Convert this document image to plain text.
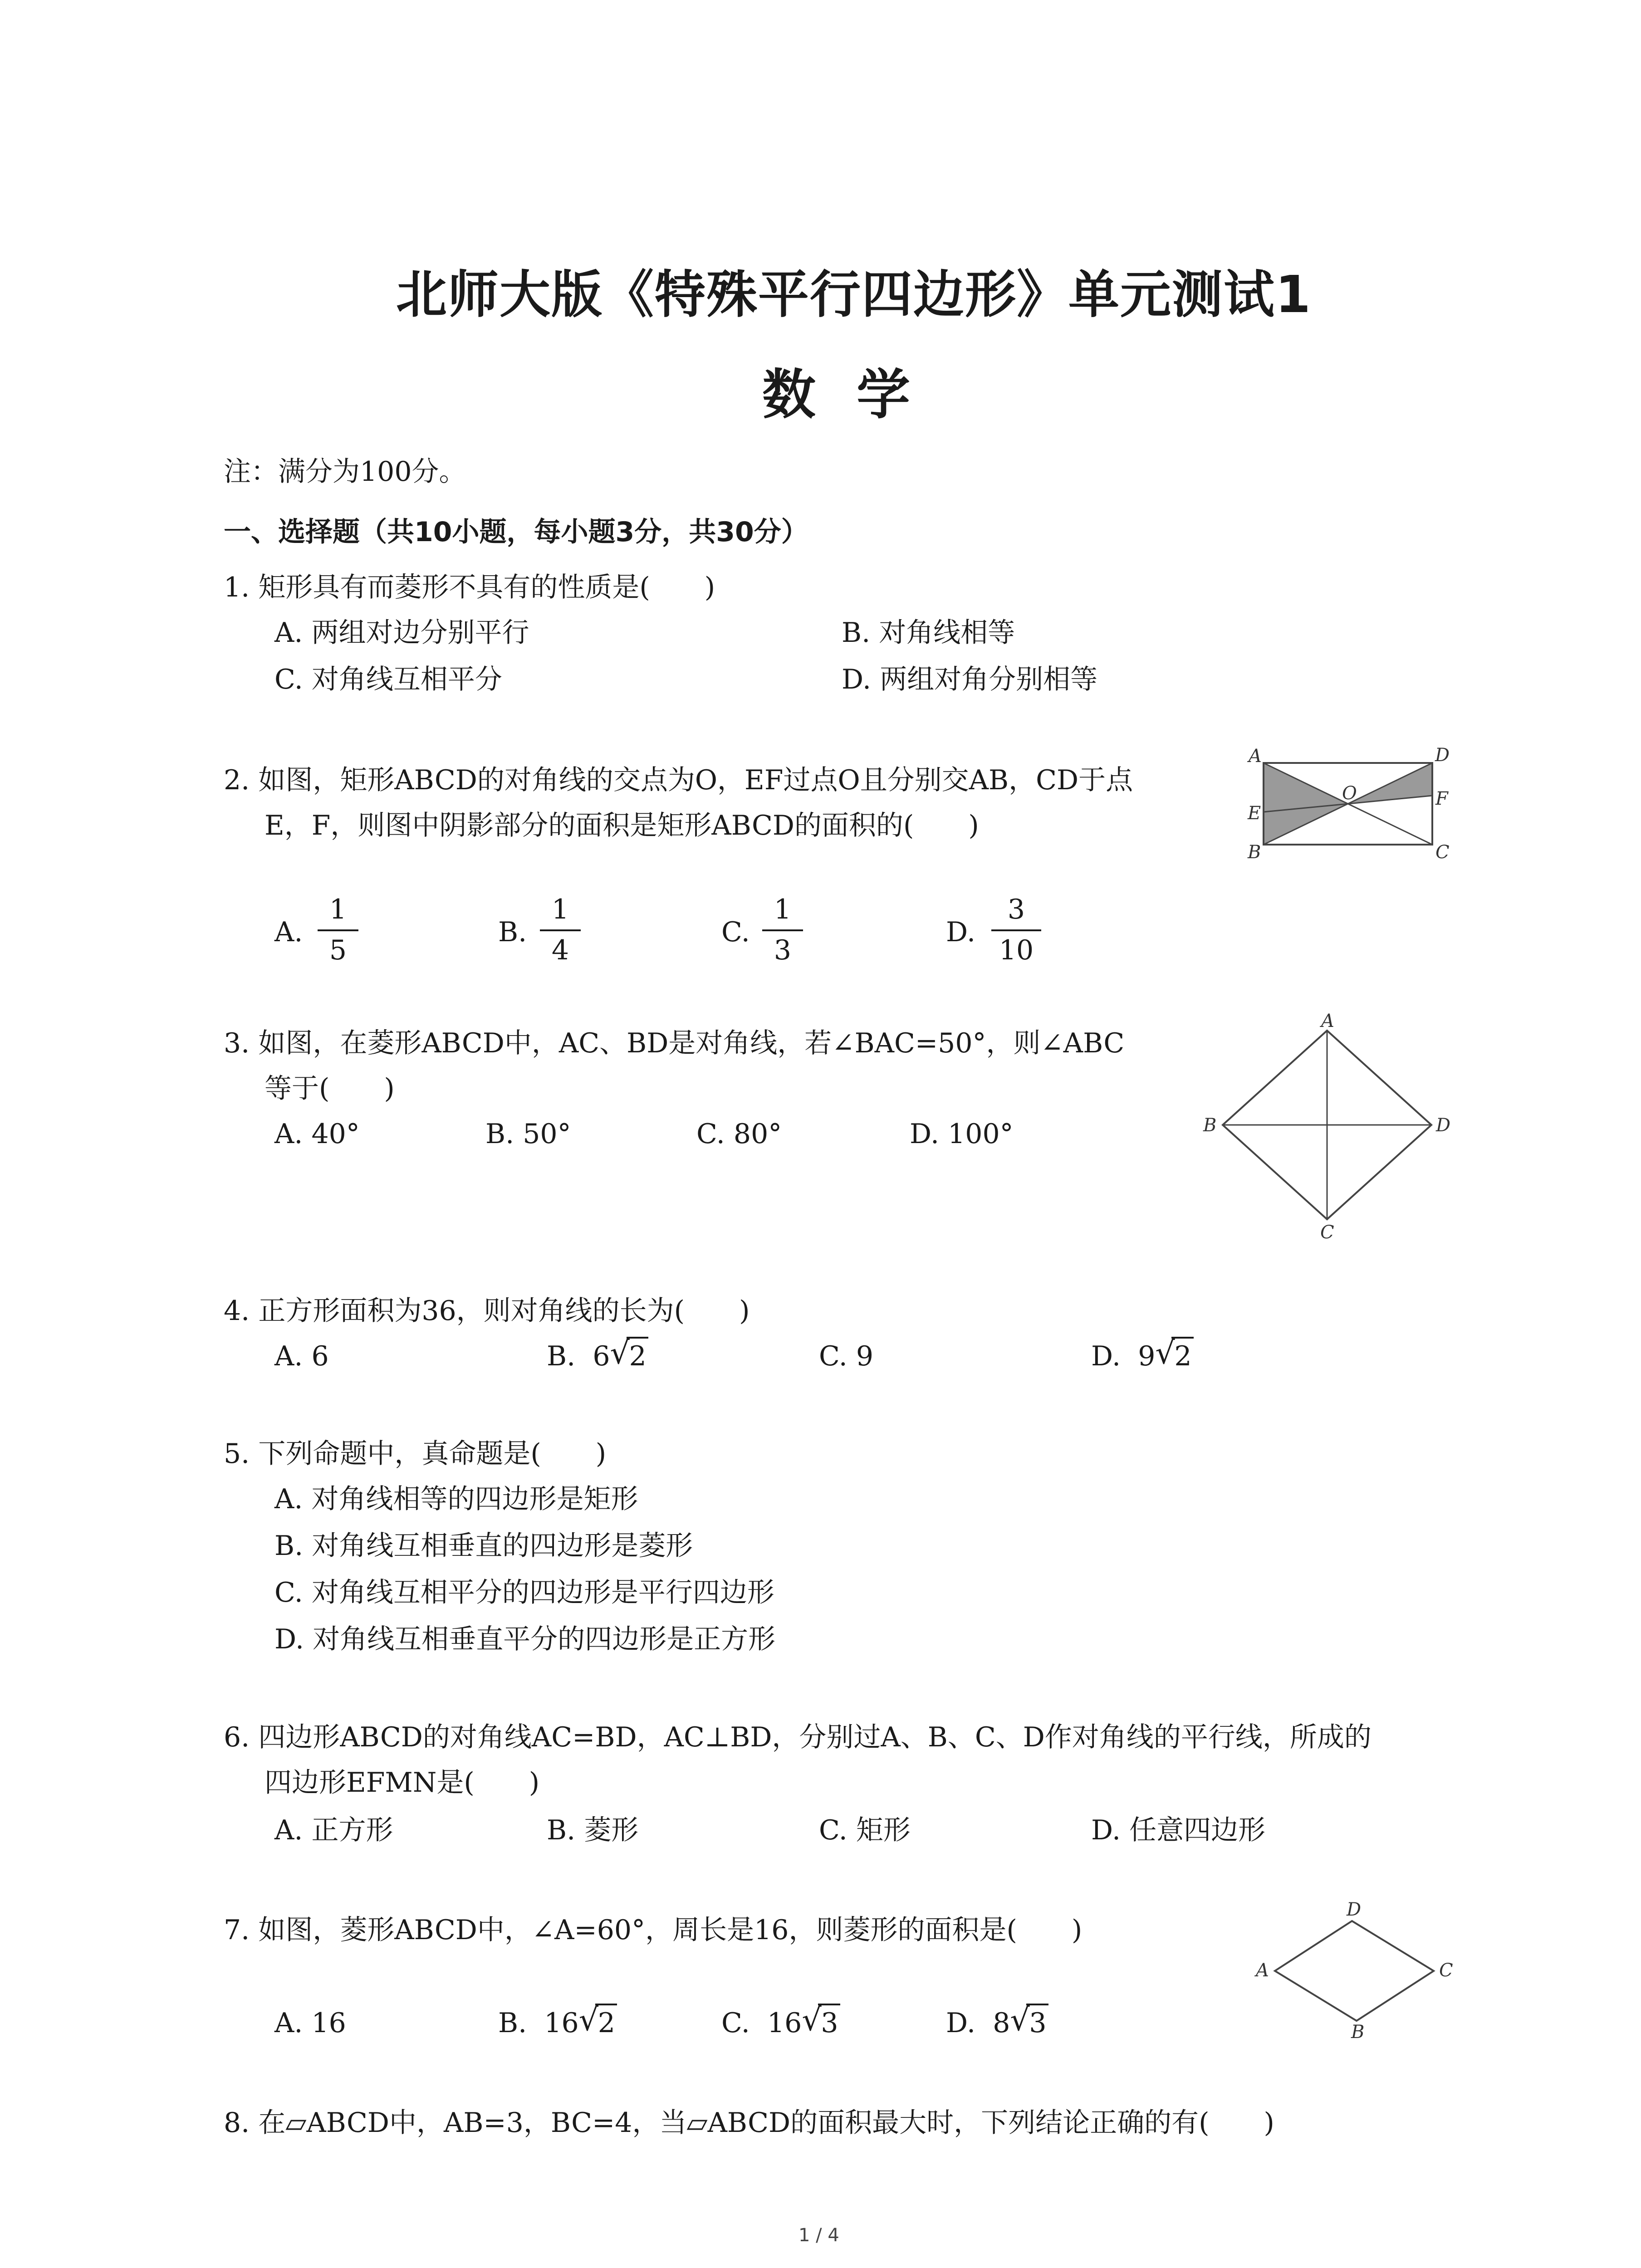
北师大版《特殊平行四边形》单元测试1
数学
注：满分为100分。
一、选择题（共10小题，每小题3分，共30分）
1. 矩形具有而菱形不具有的性质是(　　)
A. 两组对边分别平行	B. 对角线相等
C. 对角线互相平分	D. 两组对角分别相等
2. 如图，矩形ABCD的对角线的交点为O，EF过点O且分别交AB，CD于点
E，F，则图中阴影部分的面积是矩形ABCD的面积的(　　)
A	D
E
F
O
B	C
A.
1
5
B.
1
4
C.
1
3
D.
3
10
3. 如图，在菱形ABCD中，AC、BD是对角线，若∠BAC=50°，则∠ABC
等于(　　)
A. 40°	B. 50°	C. 80°	D. 100°
A
B	D
C
4. 正方形面积为36，则对角线的长为(　　)
A. 6	B. 6 √
2	C. 9	D. 9 √
2
5. 下列命题中，真命题是(　　)
A. 对角线相等的四边形是矩形
B. 对角线互相垂直的四边形是菱形
C. 对角线互相平分的四边形是平行四边形
D. 对角线互相垂直平分的四边形是正方形
6. 四边形ABCD的对角线AC=BD，AC⊥BD，分别过A、B、C、D作对角线的平行线，所成的
四边形EFMN是(　　)
A. 正方形	B. 菱形	C. 矩形	D. 任意四边形
7. 如图，菱形ABCD中，∠A=60°，周长是16，则菱形的面积是(　　)
A
D
C
B
A. 16	B. 16 √
2	C. 16 √
3	D. 8 √
3
8. 在▱ABCD中，AB=3，BC=4，当▱ABCD的面积最大时，下列结论正确的有(　　)
1 / 4
